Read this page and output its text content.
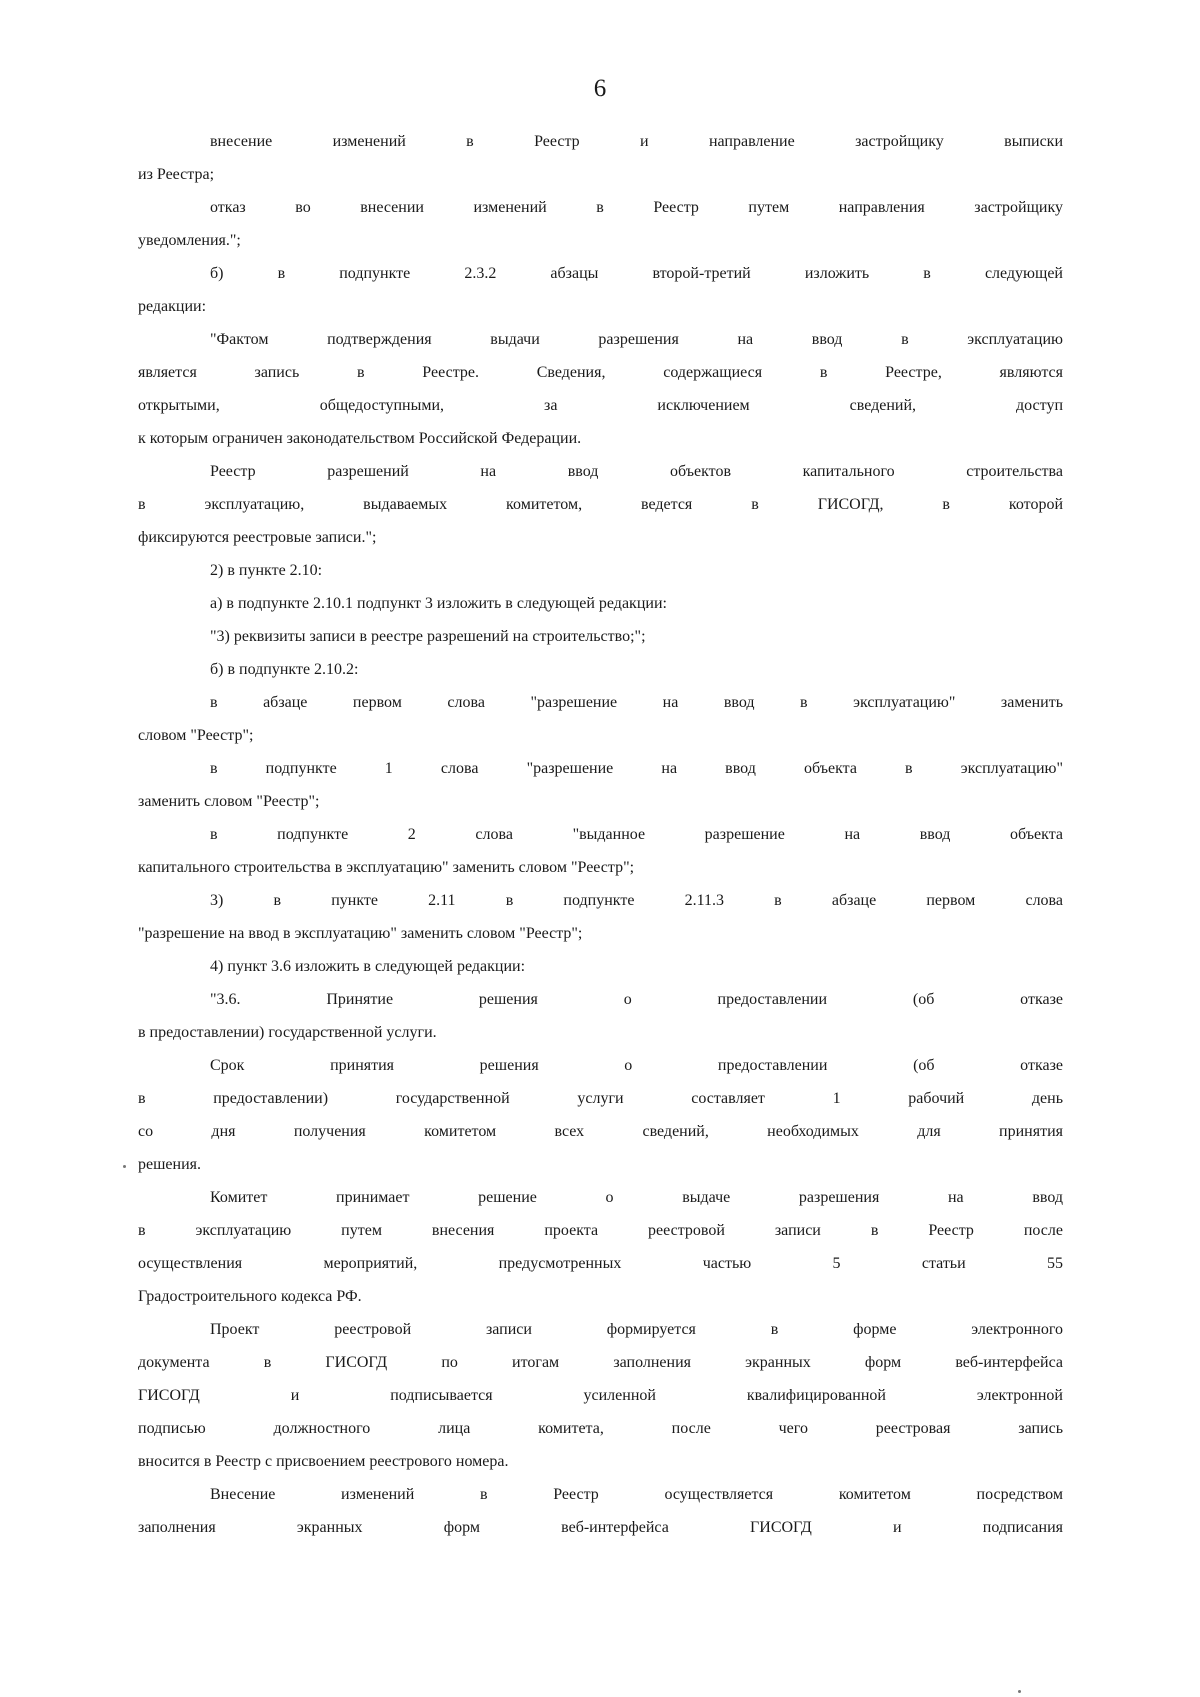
6
внесение изменений в Реестр и направление застройщику выписки
из Реестра;
отказ во внесении изменений в Реестр путем направления застройщику
уведомления.";
б) в подпункте 2.3.2 абзацы второй-третий изложить в следующей
редакции:
"Фактом подтверждения выдачи разрешения на ввод в эксплуатацию
является запись в Реестре. Сведения, содержащиеся в Реестре, являются
открытыми, общедоступными, за исключением сведений, доступ
к которым ограничен законодательством Российской Федерации.
Реестр разрешений на ввод объектов капитального строительства
в эксплуатацию, выдаваемых комитетом, ведется в ГИСОГД, в которой
фиксируются реестровые записи.";
2) в пункте 2.10:
а) в подпункте 2.10.1 подпункт 3 изложить в следующей редакции:
"3) реквизиты записи в реестре разрешений на строительство;";
б) в подпункте 2.10.2:
в абзаце первом слова "разрешение на ввод в эксплуатацию" заменить
словом "Реестр";
в подпункте 1 слова "разрешение на ввод объекта в эксплуатацию"
заменить словом "Реестр";
в подпункте 2 слова "выданное разрешение на ввод объекта
капитального строительства в эксплуатацию" заменить словом "Реестр";
3) в пункте 2.11 в подпункте 2.11.3 в абзаце первом слова
"разрешение на ввод в эксплуатацию" заменить словом "Реестр";
4) пункт 3.6 изложить в следующей редакции:
"3.6. Принятие решения о предоставлении (об отказе
в предоставлении) государственной услуги.
Срок принятия решения о предоставлении (об отказе
в предоставлении) государственной услуги составляет 1 рабочий день
со дня получения комитетом всех сведений, необходимых для принятия
решения.
Комитет принимает решение о выдаче разрешения на ввод
в эксплуатацию путем внесения проекта реестровой записи в Реестр после
осуществления мероприятий, предусмотренных частью 5 статьи 55
Градостроительного кодекса РФ.
Проект реестровой записи формируется в форме электронного
документа в ГИСОГД по итогам заполнения экранных форм веб-интерфейса
ГИСОГД и подписывается усиленной квалифицированной электронной
подписью должностного лица комитета, после чего реестровая запись
вносится в Реестр с присвоением реестрового номера.
Внесение изменений в Реестр осуществляется комитетом посредством
заполнения экранных форм веб-интерфейса ГИСОГД и подписания
